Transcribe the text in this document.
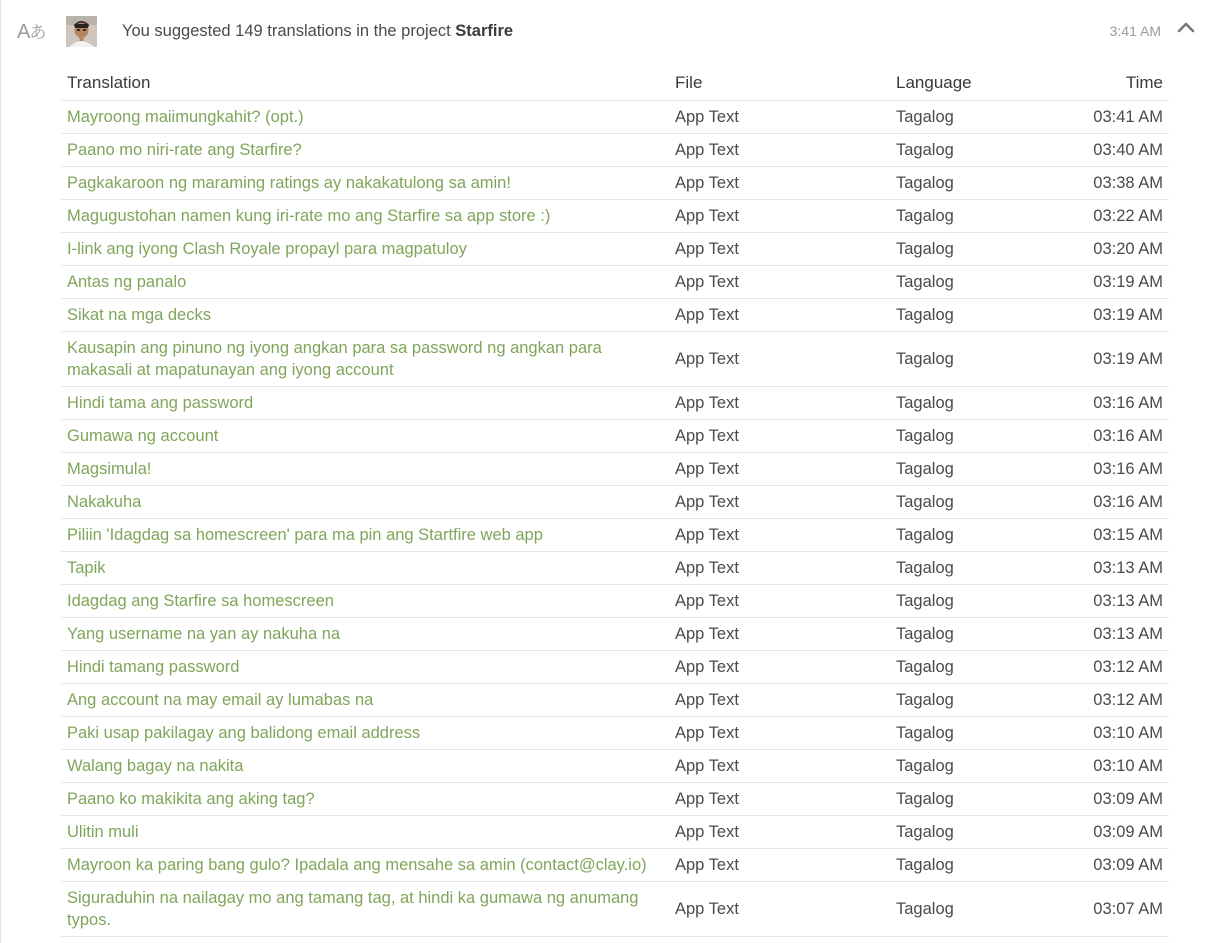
Aあ	You suggested 149 translations in the project Starfire	3:41 AM
Translation	File	Language	Time
Mayroong maiimungkahit? (opt.)	App Text	Tagalog	03:41 AM
Paano mo niri-rate ang Starfire?	App Text	Tagalog	03:40 AM
Pagkakaroon ng maraming ratings ay nakakatulong sa amin!	App Text	Tagalog	03:38 AM
Magugustohan namen kung iri-rate mo ang Starfire sa app store :)	App Text	Tagalog	03:22 AM
I-link ang iyong Clash Royale propayl para magpatuloy	App Text	Tagalog	03:20 AM
Antas ng panalo	App Text	Tagalog	03:19 AM
Sikat na mga decks	App Text	Tagalog	03:19 AM
Kausapin ang pinuno ng iyong angkan para sa password ng angkan para makasali at mapatunayan ang iyong account	App Text	Tagalog	03:19 AM
Hindi tama ang password	App Text	Tagalog	03:16 AM
Gumawa ng account	App Text	Tagalog	03:16 AM
Magsimula!	App Text	Tagalog	03:16 AM
Nakakuha	App Text	Tagalog	03:16 AM
Piliin 'Idagdag sa homescreen' para ma pin ang Startfire web app	App Text	Tagalog	03:15 AM
Tapik	App Text	Tagalog	03:13 AM
Idagdag ang Starfire sa homescreen	App Text	Tagalog	03:13 AM
Yang username na yan ay nakuha na	App Text	Tagalog	03:13 AM
Hindi tamang password	App Text	Tagalog	03:12 AM
Ang account na may email ay lumabas na	App Text	Tagalog	03:12 AM
Paki usap pakilagay ang balidong email address	App Text	Tagalog	03:10 AM
Walang bagay na nakita	App Text	Tagalog	03:10 AM
Paano ko makikita ang aking tag?	App Text	Tagalog	03:09 AM
Ulitin muli	App Text	Tagalog	03:09 AM
Mayroon ka paring bang gulo? Ipadala ang mensahe sa amin (contact@clay.io)	App Text	Tagalog	03:09 AM
Siguraduhin na nailagay mo ang tamang tag, at hindi ka gumawa ng anumang typos.	App Text	Tagalog	03:07 AM
